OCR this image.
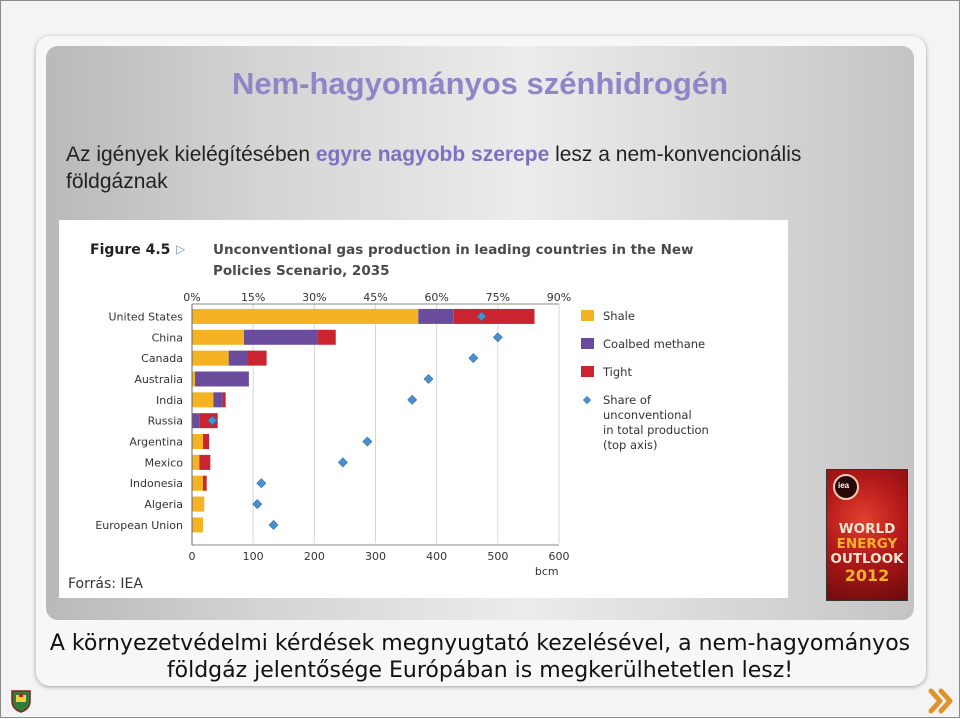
Nem-hagyományos szénhidrogén
Az igények kielégítésében egyre nagyobb szerepe lesz a nem-konvencionális földgáznak
Figure 4.5 ▷ Unconventional gas production in leading countries in the New
Policies Scenario, 2035
0%	15%	30%	45%	60%	75%	90%
0	100	200	300	400	500	600
bcm
United States
China
Canada
Australia
India
Russia
Argentina
Mexico
Indonesia
Algeria
European Union
Shale
Coalbed methane
Tight
Share of
unconventional
in total production
(top axis)
Forrás: IEA
iea
WORLD
ENERGY
OUTLOOK
2012
A környezetvédelmi kérdések megnyugtató kezelésével, a nem-hagyományos földgáz jelentősége Európában is megkerülhetetlen lesz!
